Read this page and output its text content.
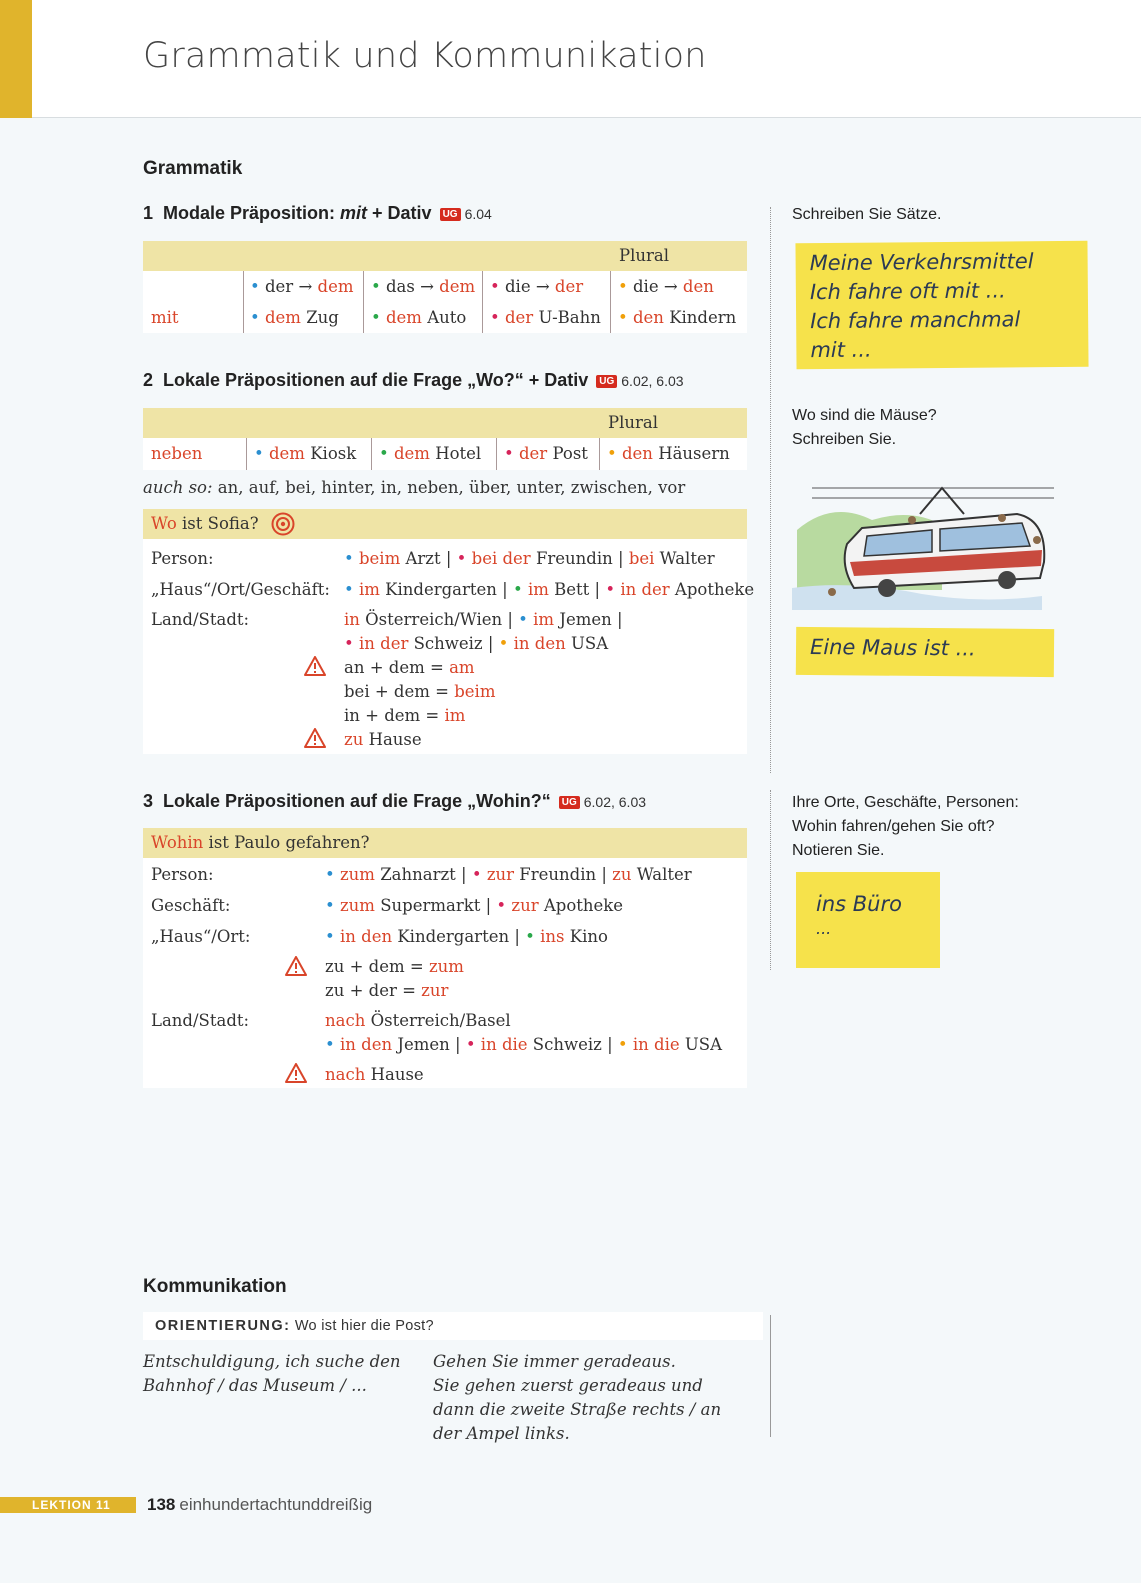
Grammatik und Kommunikation
Grammatik
1 Modale Präposition: mit + Dativ UG 6.04
Plural
• der → dem • das → dem • die → der • die → den
mit	• dem Zug • dem Auto • der U-Bahn • den Kindern
2 Lokale Präpositionen auf die Frage „Wo?“ + Dativ UG 6.02, 6.03
Plural
neben	• dem Kiosk • dem Hotel • der Post • den Häusern
auch so: an, auf, bei, hinter, in, neben, über, unter, zwischen, vor
Wo ist Sofia?
Person:	• beim Arzt | • bei der Freundin | bei Walter
„Haus“/Ort/Geschäft: • im Kindergarten | • im Bett | • in der Apotheke
Land/Stadt:	in Österreich/Wien | • im Jemen |
• in der Schweiz | • in den USA
an + dem = am
bei + dem = beim
in + dem = im
zu Hause
3 Lokale Präpositionen auf die Frage „Wohin?“ UG 6.02, 6.03
Wohin ist Paulo gefahren?
Person:	• zum Zahnarzt | • zur Freundin | zu Walter
Geschäft:	• zum Supermarkt | • zur Apotheke
„Haus“/Ort:	• in den Kindergarten | • ins Kino
zu + dem = zum
zu + der = zur
Land/Stadt:	nach Österreich/Basel
• in den Jemen | • in die Schweiz | • in die USA
nach Hause
Schreiben Sie Sätze.
Meine Verkehrsmittel
Ich fahre oft mit ...
Ich fahre manchmal
mit ...
Wo sind die Mäuse?
Schreiben Sie.
Eine Maus ist ...
Ihre Orte, Geschäfte, Personen:
Wohin fahren/gehen Sie oft?
Notieren Sie.
ins Büro
...
Kommunikation
ORIENTIERUNG: Wo ist hier die Post?
Entschuldigung, ich suche den
Bahnhof / das Museum / ...
Gehen Sie immer geradeaus.
Sie gehen zuerst geradeaus und
dann die zweite Straße rechts / an
der Ampel links.
LEKTION 11	138 einhundertachtunddreißig
